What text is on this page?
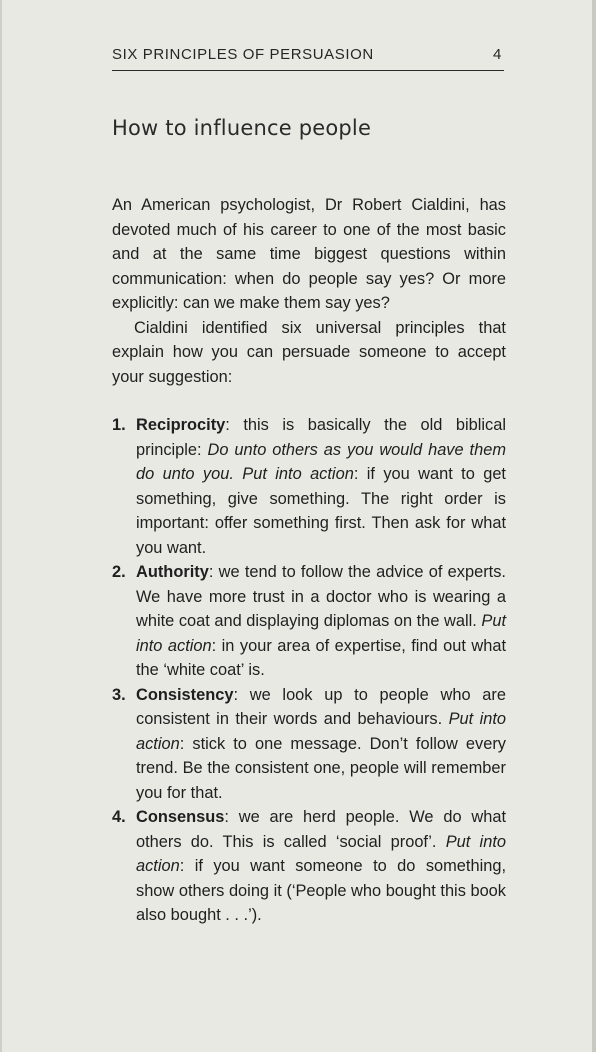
SIX PRINCIPLES OF PERSUASION	4
How to influence people

An American psychologist, Dr Robert Cialdini, has devoted much of his career to one of the most basic and at the same time biggest questions within communication: when do people say yes? Or more explicitly: can we make them say yes?

Cialdini identified six universal principles that explain how you can persuade someone to accept your suggestion:

1. Reciprocity: this is basically the old biblical principle: Do unto others as you would have them do unto you. Put into action: if you want to get something, give something. The right order is important: offer something first. Then ask for what you want.
2. Authority: we tend to follow the advice of experts. We have more trust in a doctor who is wearing a white coat and displaying diplomas on the wall. Put into action: in your area of expertise, find out what the ‘white coat’ is.
3. Consistency: we look up to people who are consistent in their words and behaviours. Put into action: stick to one message. Don’t follow every trend. Be the consistent one, people will remember you for that.
4. Consensus: we are herd people. We do what others do. This is called ‘social proof’. Put into action: if you want someone to do something, show others doing it (‘People who bought this book also bought . . .’).
